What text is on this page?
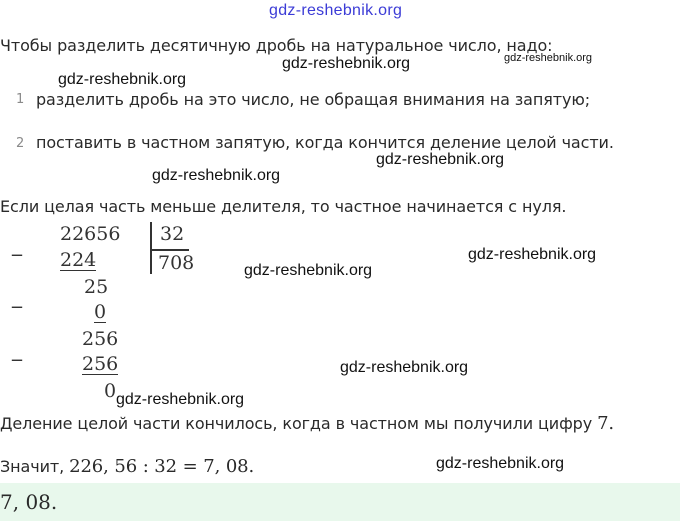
gdz-reshebnik.org
Чтобы разделить десятичную дробь на натуральное число, надо:
gdz-reshebnik.org	gdz-reshebnik.org
gdz-reshebnik.org
1 разделить дробь на это число, не обращая внимания на запятую;
2 поставить в частном запятую, когда кончится деление целой части.
gdz-reshebnik.org
gdz-reshebnik.org
Если целая часть меньше делителя, то частное начинается с нуля.
_ 22656 32
708
224
_	25
0
_	256
256
0
gdz-reshebnik.org
gdz-reshebnik.org
gdz-reshebnik.org
gdz-reshebnik.org
Деление целой части кончилось, когда в частном мы получили цифру 7.
Значит, 226, 56 : 32 = 7, 08.	gdz-reshebnik.org
7, 08.
